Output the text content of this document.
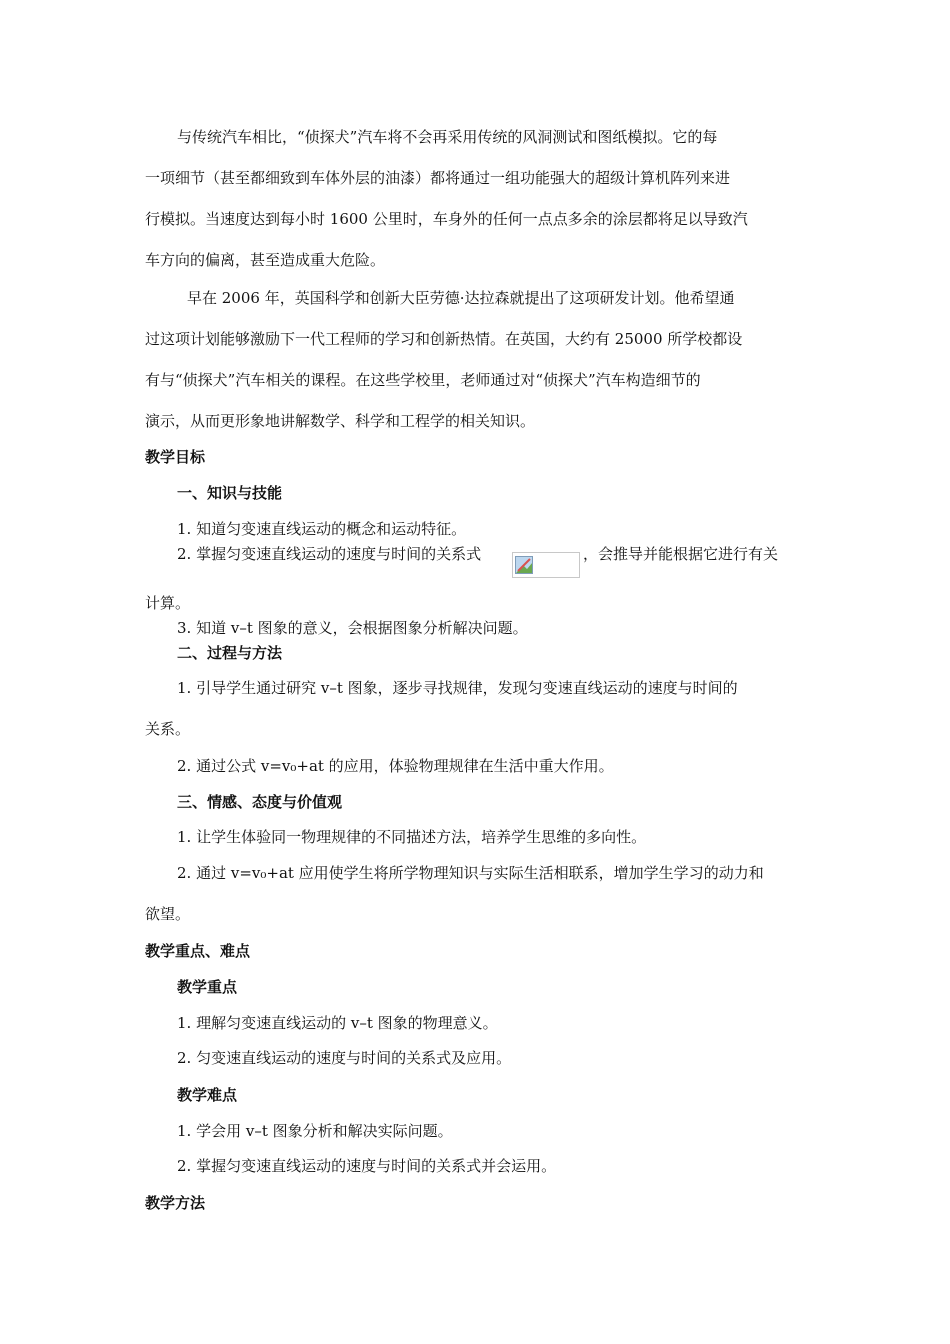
与传统汽车相比，“侦探犬”汽车将不会再采用传统的风洞测试和图纸模拟。它的每
一项细节（甚至都细致到车体外层的油漆）都将通过一组功能强大的超级计算机阵列来进
行模拟。当速度达到每小时 1600 公里时，车身外的任何一点点多余的涂层都将足以导致汽
车方向的偏离，甚至造成重大危险。
早在 2006 年，英国科学和创新大臣劳德·达拉森就提出了这项研发计划。他希望通
过这项计划能够激励下一代工程师的学习和创新热情。在英国，大约有 25000 所学校都设
有与“侦探犬”汽车相关的课程。在这些学校里，老师通过对“侦探犬”汽车构造细节的
演示，从而更形象地讲解数学、科学和工程学的相关知识。
教学目标
一、知识与技能
1. 知道匀变速直线运动的概念和运动特征。
2. 掌握匀变速直线运动的速度与时间的关系式	，会推导并能根据它进行有关
计算。
3. 知道 v–t 图象的意义，会根据图象分析解决问题。
二、过程与方法
1. 引导学生通过研究 v–t 图象，逐步寻找规律，发现匀变速直线运动的速度与时间的
关系。
2. 通过公式 v=v₀+at 的应用，体验物理规律在生活中重大作用。
三、情感、态度与价值观
1. 让学生体验同一物理规律的不同描述方法，培养学生思维的多向性。
2. 通过 v=v₀+at 应用使学生将所学物理知识与实际生活相联系，增加学生学习的动力和
欲望。
教学重点、难点
教学重点
1. 理解匀变速直线运动的 v–t 图象的物理意义。
2. 匀变速直线运动的速度与时间的关系式及应用。
教学难点
1. 学会用 v–t 图象分析和解决实际问题。
2. 掌握匀变速直线运动的速度与时间的关系式并会运用。
教学方法
